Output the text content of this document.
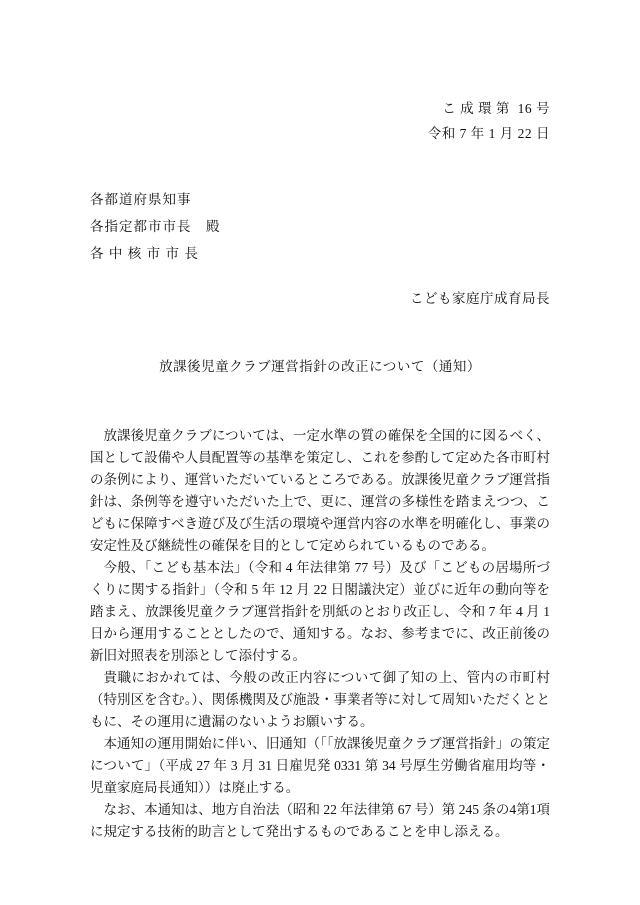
こ 成 環 第  16 号
令和 7 年 1 月 22 日
各都道府県知事
各指定都市市長　殿
各 中 核 市 市 長
こども家庭庁成育局長
放課後児童クラブ運営指針の改正について（通知）

放課後児童クラブについては、一定水準の質の確保を全国的に図るべく、国として設備や人員配置等の基準を策定し、これを参酌して定めた各市町村の条例により、運営いただいているところである。放課後児童クラブ運営指針は、条例等を遵守いただいた上で、更に、運営の多様性を踏まえつつ、こどもに保障すべき遊び及び生活の環境や運営内容の水準を明確化し、事業の安定性及び継続性の確保を目的として定められているものである。

今般、「こども基本法」（令和 4 年法律第 77 号）及び「こどもの居場所づくりに関する指針」（令和 5 年 12 月 22 日閣議決定）並びに近年の動向等を踏まえ、放課後児童クラブ運営指針を別紙のとおり改正し、令和 7 年 4 月 1 日から運用することとしたので、通知する。なお、参考までに、改正前後の新旧対照表を別添として添付する。

貴職におかれては、今般の改正内容について御了知の上、管内の市町村（特別区を含む。）、関係機関及び施設・事業者等に対して周知いただくとともに、その運用に遺漏のないようお願いする。

本通知の運用開始に伴い、旧通知（「「放課後児童クラブ運営指針」の策定について」（平成 27 年 3 月 31 日雇児発 0331 第 34 号厚生労働省雇用均等・児童家庭局長通知））は廃止する。

なお、本通知は、地方自治法（昭和 22 年法律第 67 号）第 245 条の4第1項に規定する技術的助言として発出するものであることを申し添える。
